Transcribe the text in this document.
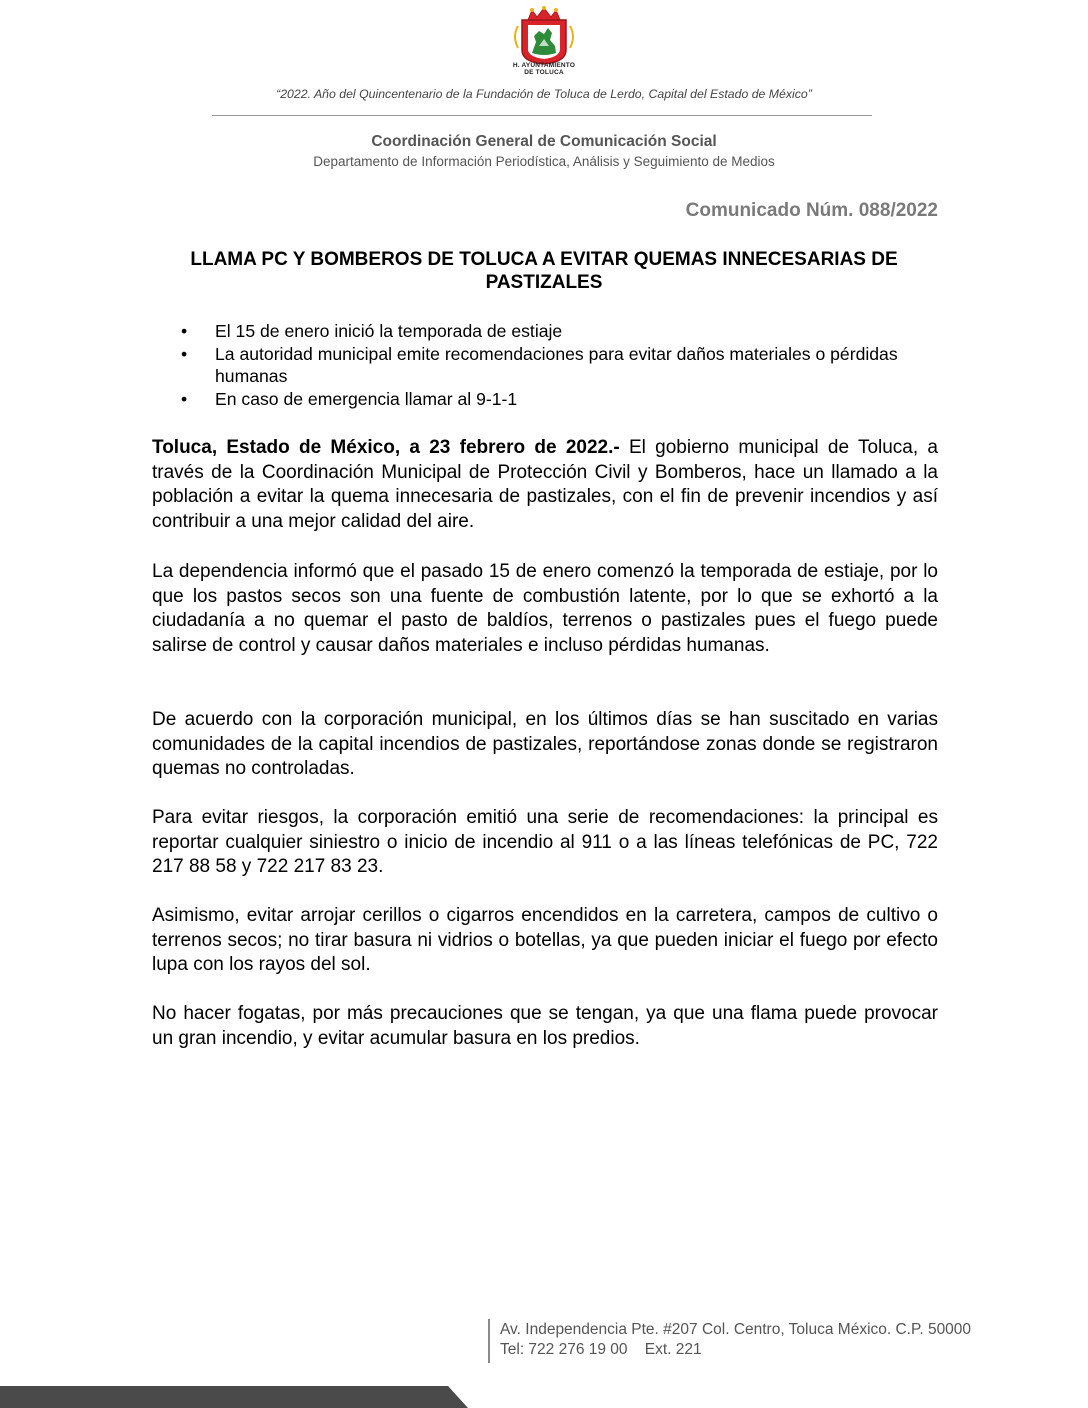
H. AYUNTAMIENTO
DE TOLUCA
“2022. Año del Quincentenario de la Fundación de Toluca de Lerdo, Capital del Estado de México”
Coordinación General de Comunicación Social
Departamento de Información Periodística, Análisis y Seguimiento de Medios
Comunicado Núm. 088/2022
LLAMA PC Y BOMBEROS DE TOLUCA A EVITAR QUEMAS INNECESARIAS DE PASTIZALES
• El 15 de enero inició la temporada de estiaje
• La autoridad municipal emite recomendaciones para evitar daños materiales o pérdidas humanas
• En caso de emergencia llamar al 9-1-1

Toluca, Estado de México, a 23 febrero de 2022.- El gobierno municipal de Toluca, a través de la Coordinación Municipal de Protección Civil y Bomberos, hace un llamado a la población a evitar la quema innecesaria de pastizales, con el fin de prevenir incendios y así contribuir a una mejor calidad del aire.

La dependencia informó que el pasado 15 de enero comenzó la temporada de estiaje, por lo que los pastos secos son una fuente de combustión latente, por lo que se exhortó a la ciudadanía a no quemar el pasto de baldíos, terrenos o pastizales pues el fuego puede salirse de control y causar daños materiales e incluso pérdidas humanas.

De acuerdo con la corporación municipal, en los últimos días se han suscitado en varias comunidades de la capital incendios de pastizales, reportándose zonas donde se registraron quemas no controladas.

Para evitar riesgos, la corporación emitió una serie de recomendaciones: la principal es reportar cualquier siniestro o inicio de incendio al 911 o a las líneas telefónicas de PC, 722 217 88 58 y 722 217 83 23.

Asimismo, evitar arrojar cerillos o cigarros encendidos en la carretera, campos de cultivo o terrenos secos; no tirar basura ni vidrios o botellas, ya que pueden iniciar el fuego por efecto lupa con los rayos del sol.

No hacer fogatas, por más precauciones que se tengan, ya que una flama puede provocar un gran incendio, y evitar acumular basura en los predios.

Av. Independencia Pte. #207 Col. Centro, Toluca México. C.P. 50000
Tel: 722 276 19 00    Ext. 221
